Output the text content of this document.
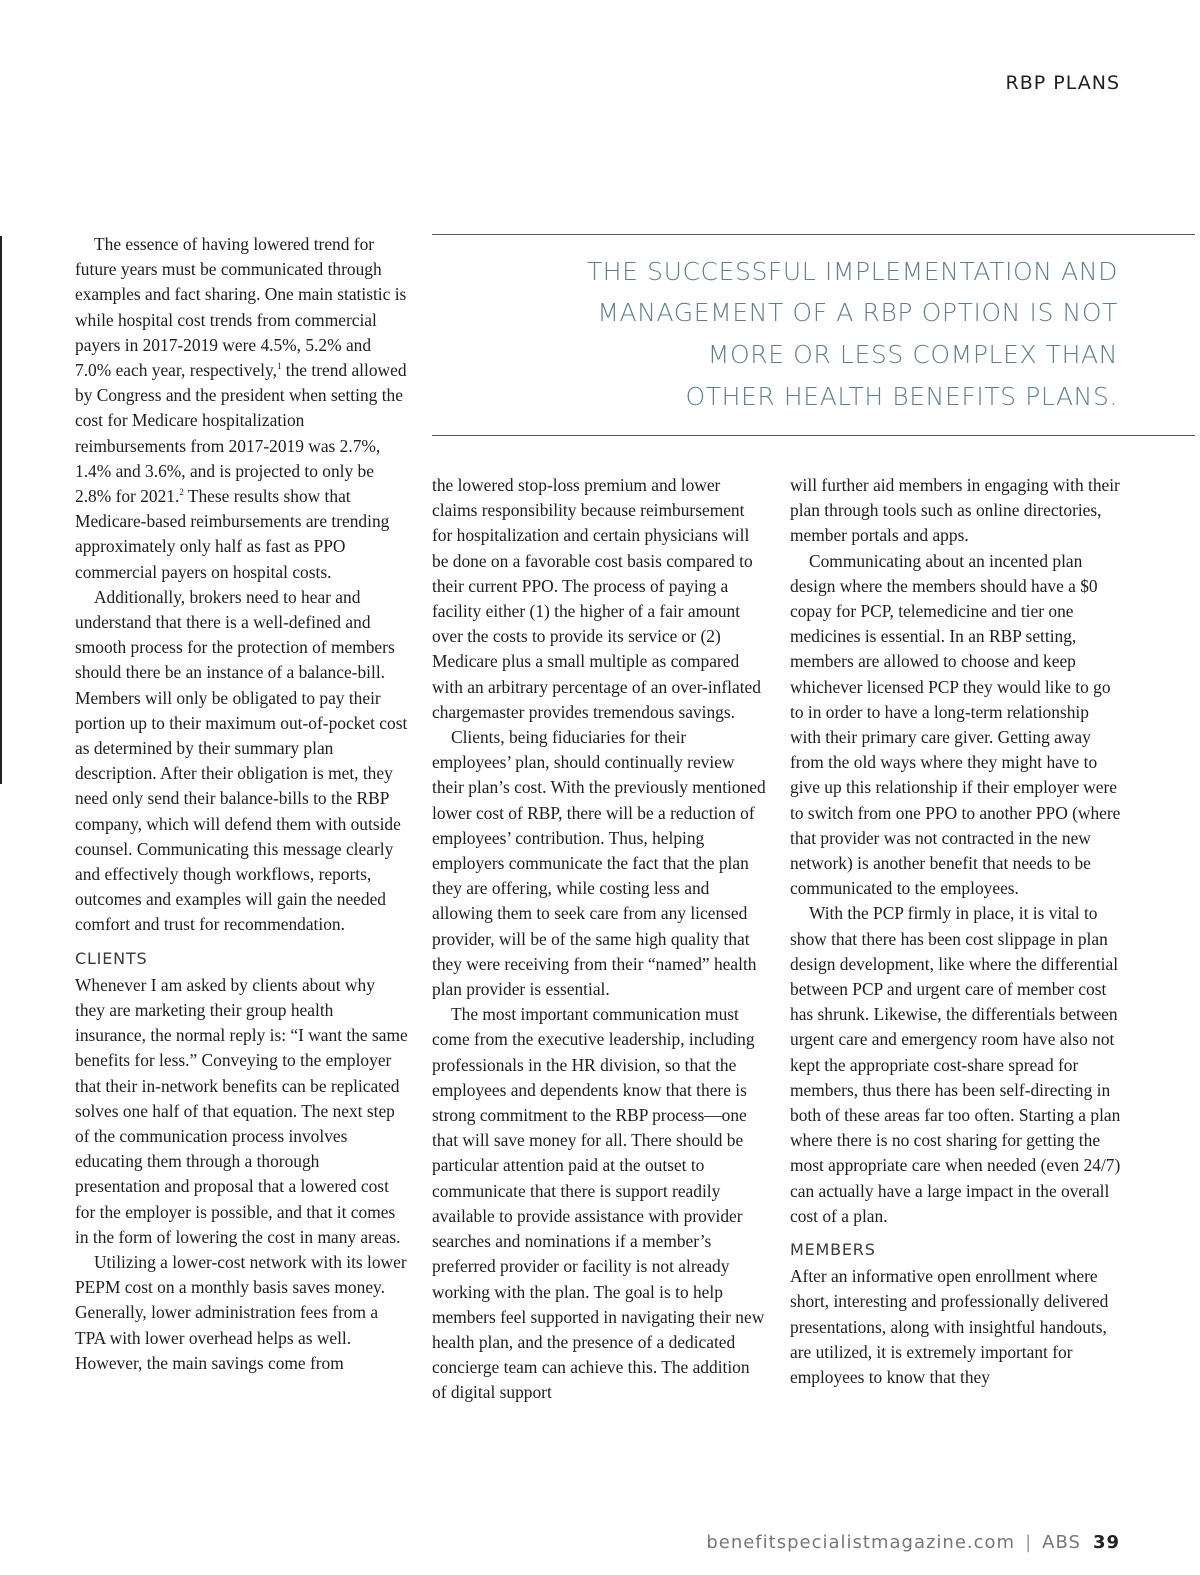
RBP PLANS
THE SUCCESSFUL IMPLEMENTATION AND
MANAGEMENT OF A RBP OPTION IS NOT
MORE OR LESS COMPLEX THAN
OTHER HEALTH BENEFITS PLANS.

The essence of having lowered trend for future years must be communicated through examples and fact sharing. One main statistic is while hospital cost trends from commercial payers in 2017-2019 were 4.5%, 5.2% and 7.0% each year, respectively,$^1$ the trend allowed by Congress and the president when setting the cost for Medicare hospitalization reimbursements from 2017-2019 was 2.7%, 1.4% and 3.6%, and is projected to only be 2.8% for 2021.$^2$ These results show that Medicare-based reimbursements are trending approximately only half as fast as PPO commercial payers on hospital costs.

Additionally, brokers need to hear and understand that there is a well-defined and smooth process for the protection of members should there be an instance of a balance-bill. Members will only be obligated to pay their portion up to their maximum out-of-pocket cost as determined by their summary plan description. After their obligation is met, they need only send their balance-bills to the RBP company, which will defend them with outside counsel. Communicating this message clearly and effectively though workflows, reports, outcomes and examples will gain the needed comfort and trust for recommendation.

CLIENTS

Whenever I am asked by clients about why they are marketing their group health insurance, the normal reply is: “I want the same benefits for less.” Conveying to the employer that their in-network benefits can be replicated solves one half of that equation. The next step of the communication process involves educating them through a thorough presentation and proposal that a lowered cost for the employer is possible, and that it comes in the form of lowering the cost in many areas.

Utilizing a lower-cost network with its lower PEPM cost on a monthly basis saves money. Generally, lower administration fees from a TPA with lower overhead helps as well. However, the main savings come from

the lowered stop-loss premium and lower claims responsibility because reimbursement for hospitalization and certain physicians will be done on a favorable cost basis compared to their current PPO. The process of paying a facility either (1) the higher of a fair amount over the costs to provide its service or (2) Medicare plus a small multiple as compared with an arbitrary percentage of an over-inflated chargemaster provides tremendous savings.

Clients, being fiduciaries for their employees’ plan, should continually review their plan’s cost. With the previously mentioned lower cost of RBP, there will be a reduction of employees’ contribution. Thus, helping employers communicate the fact that the plan they are offering, while costing less and allowing them to seek care from any licensed provider, will be of the same high quality that they were receiving from their “named” health plan provider is essential.

The most important communication must come from the executive leadership, including professionals in the HR division, so that the employees and dependents know that there is strong commitment to the RBP process—one that will save money for all. There should be particular attention paid at the outset to communicate that there is support readily available to provide assistance with provider searches and nominations if a member’s preferred provider or facility is not already working with the plan. The goal is to help members feel supported in navigating their new health plan, and the presence of a dedicated concierge team can achieve this. The addition of digital support

will further aid members in engaging with their plan through tools such as online directories, member portals and apps.

Communicating about an incented plan design where the members should have a $0 copay for PCP, telemedicine and tier one medicines is essential. In an RBP setting, members are allowed to choose and keep whichever licensed PCP they would like to go to in order to have a long-term relationship with their primary care giver. Getting away from the old ways where they might have to give up this relationship if their employer were to switch from one PPO to another PPO (where that provider was not contracted in the new network) is another benefit that needs to be communicated to the employees.

With the PCP firmly in place, it is vital to show that there has been cost slippage in plan design development, like where the differential between PCP and urgent care of member cost has shrunk. Likewise, the differentials between urgent care and emergency room have also not kept the appropriate cost-share spread for members, thus there has been self-directing in both of these areas far too often. Starting a plan where there is no cost sharing for getting the most appropriate care when needed (even 24/7) can actually have a large impact in the overall cost of a plan.

MEMBERS

After an informative open enrollment where short, interesting and professionally delivered presentations, along with insightful handouts, are utilized, it is extremely important for employees to know that they

benefitspecialistmagazine.com | ABS 39
